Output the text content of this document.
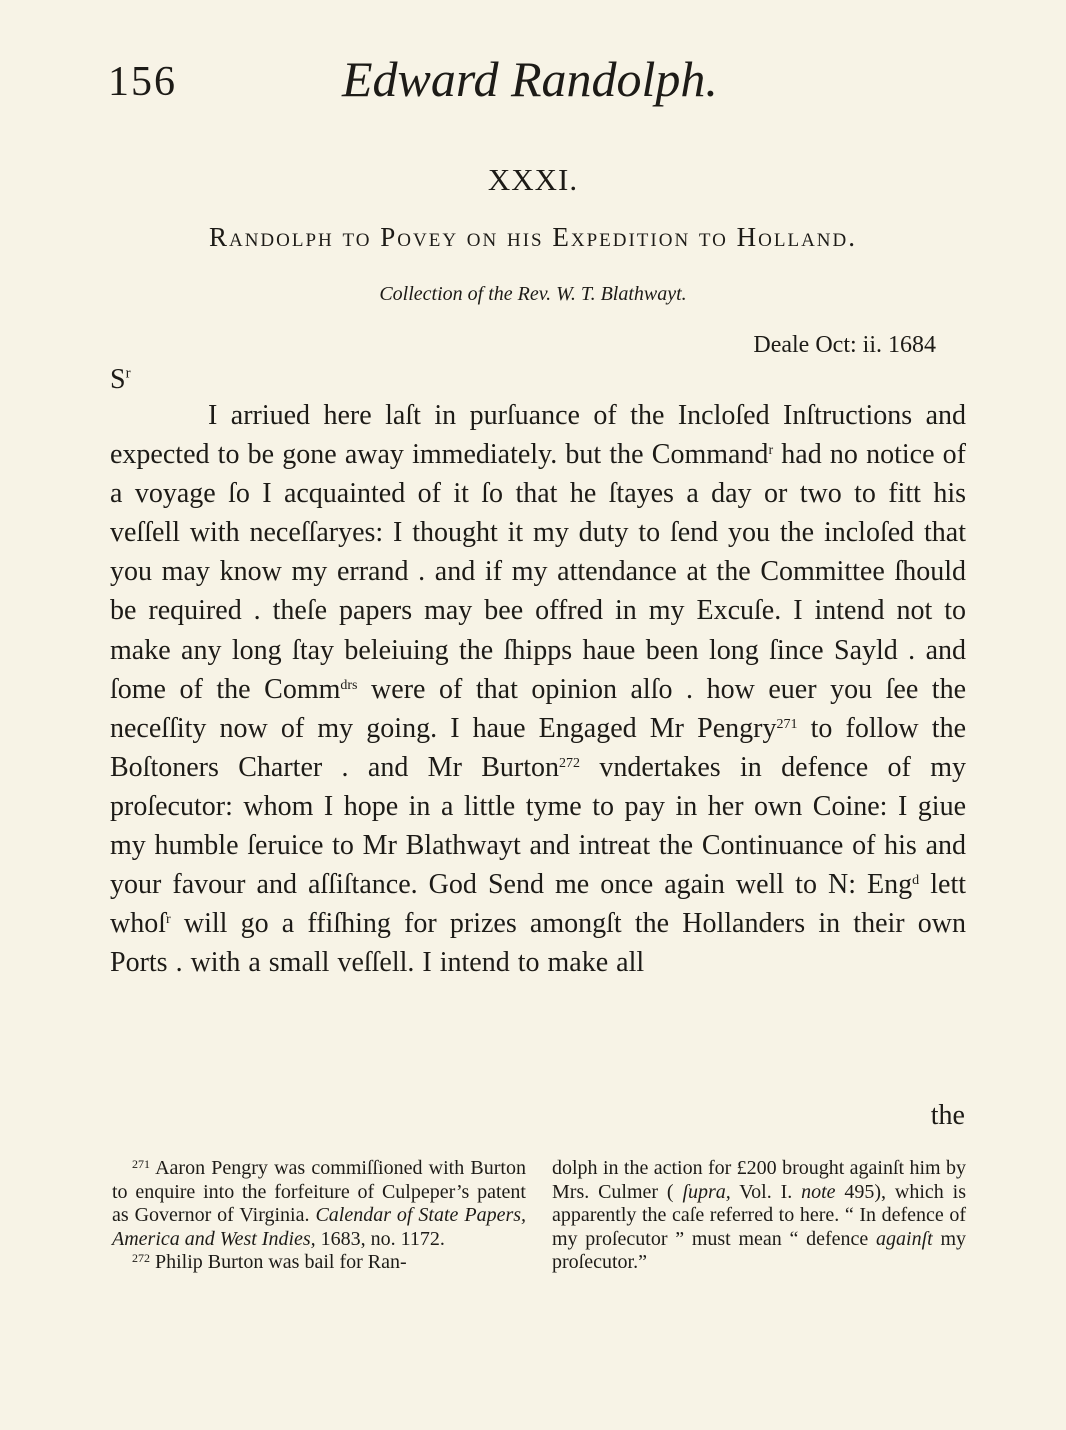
156	Edward Randolph.
XXXI.
Randolph to Povey on his Expedition to Holland.
Collection of the Rev. W. T. Blathwayt.
Deale Oct: ii. 1684
$S^r$
I arriued here laſt in purſuance of the Incloſed Inſtructions and expected to be gone away immediately. but the Command$^r$ had no notice of a voyage ſo I acquainted of it ſo that he ſtayes a day or two to fitt his veſſell with neceſſaryes: I thought it my duty to ſend you the incloſed that you may know my errand . and if my attendance at the Committee ſhould be required . theſe papers may bee offred in my Excuſe. I intend not to make any long ſtay beleiuing the ſhipps haue been long ſince Sayld . and ſome of the Comm$^{drs}$ were of that opinion alſo . how euer you ſee the neceſſity now of my going. I haue Engaged Mr Pengry$^{271}$ to follow the Boſtoners Charter . and Mr Burton$^{272}$ vndertakes in defence of my proſecutor: whom I hope in a little tyme to pay in her own Coine: I giue my humble ſeruice to Mr Blathwayt and intreat the Continuance of his and your favour and aſſiſtance. God Send me once again well to N: Eng$^d$ lett whoſ$^r$ will go a ffiſhing for prizes amongſt the Hollanders in their own Ports . with a small veſſell. I intend to make all
the
$^{271}$ Aaron Pengry was commiſſioned with Burton to enquire into the forfeiture of Culpeper’s patent as Governor of Virginia. Calendar of State Papers, America and West Indies, 1683, no. 1172.
$^{272}$ Philip Burton was bail for Ran-
dolph in the action for £200 brought againſt him by Mrs. Culmer ( ſupra, Vol. I. note 495), which is apparently the caſe referred to here. “ In defence of my proſecutor ” must mean “ defence againſt my proſecutor.”
